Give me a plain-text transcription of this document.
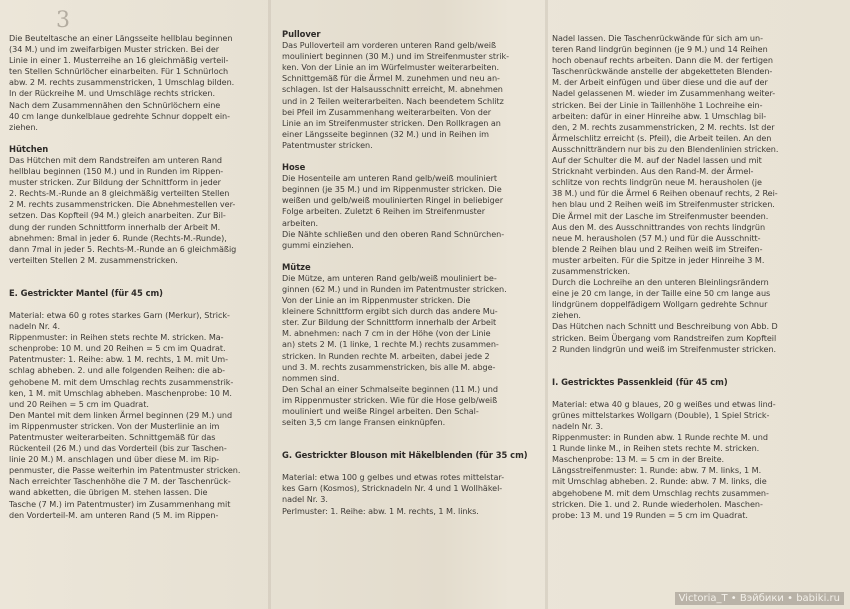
3

Die Beuteltasche an einer Längsseite hellblau beginnen

(34 M.) und im zweifarbigen Muster stricken. Bei der

Linie in einer 1. Musterreihe an 16 gleichmäßig verteil-

ten Stellen Schnürlöcher einarbeiten. Für 1 Schnürloch

abw. 2 M. rechts zusammenstricken, 1 Umschlag bilden.

In der Rückreihe M. und Umschläge rechts stricken.

Nach dem Zusammennähen den Schnürlöchern eine

40 cm lange dunkelblaue gedrehte Schnur doppelt ein-

ziehen.

Hütchen

Das Hütchen mit dem Randstreifen am unteren Rand

hellblau beginnen (150 M.) und in Runden im Rippen-

muster stricken. Zur Bildung der Schnittform in jeder

2. Rechts-M.-Runde an 8 gleichmäßig verteilten Stellen

2 M. rechts zusammenstricken. Die Abnehmestellen ver-

setzen. Das Kopfteil (94 M.) gleich anarbeiten. Zur Bil-

dung der runden Schnittform innerhalb der Arbeit M.

abnehmen: 8mal in jeder 6. Runde (Rechts-M.-Runde),

dann 7mal in jeder 5. Rechts-M.-Runde an 6 gleichmäßig

verteilten Stellen 2 M. zusammenstricken.

E. Gestrickter Mantel (für 45 cm)

Material: etwa 60 g rotes starkes Garn (Merkur), Strick-

nadeln Nr. 4.

Rippenmuster: in Reihen stets rechte M. stricken. Ma-

schenprobe: 10 M. und 20 Reihen = 5 cm im Quadrat.

Patentmuster: 1. Reihe: abw. 1 M. rechts, 1 M. mit Um-

schlag abheben. 2. und alle folgenden Reihen: die ab-

gehobene M. mit dem Umschlag rechts zusammenstrik-

ken, 1 M. mit Umschlag abheben. Maschenprobe: 10 M.

und 20 Reihen = 5 cm im Quadrat.

Den Mantel mit dem linken Ärmel beginnen (29 M.) und

im Rippenmuster stricken. Von der Musterlinie an im

Patentmuster weiterarbeiten. Schnittgemäß für das

Rückenteil (26 M.) und das Vorderteil (bis zur Taschen-

linie 20 M.) M. anschlagen und über diese M. im Rip-

penmuster, die Passe weiterhin im Patentmuster stricken.

Nach erreichter Taschenhöhe die 7 M. der Taschenrück-

wand abketten, die übrigen M. stehen lassen. Die

Tasche (7 M.) im Patentmuster) im Zusammenhang mit

den Vorderteil-M. am unteren Rand (5 M. im Rippen-

Pullover

Das Pulloverteil am vorderen unteren Rand gelb/weiß

mouliniert beginnen (30 M.) und im Streifenmuster strik-

ken. Von der Linie an im Würfelmuster weiterarbeiten.

Schnittgemäß für die Ärmel M. zunehmen und neu an-

schlagen. Ist der Halsausschnitt erreicht, M. abnehmen

und in 2 Teilen weiterarbeiten. Nach beendetem Schlitz

bei Pfeil im Zusammenhang weiterarbeiten. Von der

Linie an im Streifenmuster stricken. Den Rollkragen an

einer Längsseite beginnen (32 M.) und in Reihen im

Patentmuster stricken.

Hose

Die Hosenteile am unteren Rand gelb/weiß mouliniert

beginnen (je 35 M.) und im Rippenmuster stricken. Die

weißen und gelb/weiß moulinierten Ringel in beliebiger

Folge arbeiten. Zuletzt 6 Reihen im Streifenmuster

arbeiten.

Die Nähte schließen und den oberen Rand Schnürchen-

gummi einziehen.

Mütze

Die Mütze, am unteren Rand gelb/weiß mouliniert be-

ginnen (62 M.) und in Runden im Patentmuster stricken.

Von der Linie an im Rippenmuster stricken. Die

kleinere Schnittform ergibt sich durch das andere Mu-

ster. Zur Bildung der Schnittform innerhalb der Arbeit

M. abnehmen: nach 7 cm in der Höhe (von der Linie

an) stets 2 M. (1 linke, 1 rechte M.) rechts zusammen-

stricken. In Runden rechte M. arbeiten, dabei jede 2

und 3. M. rechts zusammenstricken, bis alle M. abge-

nommen sind.

Den Schal an einer Schmalseite beginnen (11 M.) und

im Rippenmuster stricken. Wie für die Hose gelb/weiß

mouliniert und weiße Ringel arbeiten. Den Schal-

seiten 3,5 cm lange Fransen einknüpfen.

G. Gestrickter Blouson mit Häkelblenden (für 35 cm)

Material: etwa 100 g gelbes und etwas rotes mittelstar-

kes Garn (Kosmos), Stricknadeln Nr. 4 und 1 Wollhäkel-

nadel Nr. 3.

Perlmuster: 1. Reihe: abw. 1 M. rechts, 1 M. links.

Nadel lassen. Die Taschenrückwände für sich am un-

teren Rand lindgrün beginnen (je 9 M.) und 14 Reihen

hoch obenauf rechts arbeiten. Dann die M. der fertigen

Taschenrückwände anstelle der abgeketteten Blenden-

M. der Arbeit einfügen und über diese und die auf der

Nadel gelassenen M. wieder im Zusammenhang weiter-

stricken. Bei der Linie in Taillenhöhe 1 Lochreihe ein-

arbeiten: dafür in einer Hinreihe abw. 1 Umschlag bil-

den, 2 M. rechts zusammenstricken, 2 M. rechts. Ist der

Ärmelschlitz erreicht (s. Pfeil), die Arbeit teilen. An den

Ausschnitträndern nur bis zu den Blendenlinien stricken.

Auf der Schulter die M. auf der Nadel lassen und mit

Stricknaht verbinden. Aus den Rand-M. der Ärmel-

schlitze von rechts lindgrün neue M. herausholen (je

38 M.) und für die Ärmel 6 Reihen obenauf rechts, 2 Rei-

hen blau und 2 Reihen weiß im Streifenmuster stricken.

Die Ärmel mit der Lasche im Streifenmuster beenden.

Aus den M. des Ausschnittrandes von rechts lindgrün

neue M. herausholen (57 M.) und für die Ausschnitt-

blende 2 Reihen blau und 2 Reihen weiß im Streifen-

muster arbeiten. Für die Spitze in jeder Hinreihe 3 M.

zusammenstricken.

Durch die Lochreihe an den unteren Bleinlingsrändern

eine je 20 cm lange, in der Taille eine 50 cm lange aus

lindgrünem doppelfädigem Wollgarn gedrehte Schnur

ziehen.

Das Hütchen nach Schnitt und Beschreibung von Abb. D

stricken. Beim Übergang vom Randstreifen zum Kopfteil

2 Runden lindgrün und weiß im Streifenmuster stricken.

I. Gestricktes Passenkleid (für 45 cm)

Material: etwa 40 g blaues, 20 g weißes und etwas lind-

grünes mittelstarkes Wollgarn (Double), 1 Spiel Strick-

nadeln Nr. 3.

Rippenmuster: in Runden abw. 1 Runde rechte M. und

1 Runde linke M., in Reihen stets rechte M. stricken.

Maschenprobe: 13 M. = 5 cm in der Breite.

Längsstreifenmuster: 1. Runde: abw. 7 M. links, 1 M.

mit Umschlag abheben. 2. Runde: abw. 7 M. links, die

abgehobene M. mit dem Umschlag rechts zusammen-

stricken. Die 1. und 2. Runde wiederholen. Maschen-

probe: 13 M. und 19 Runden = 5 cm im Quadrat.

Victoria_T • Вэйбики • babiki.ru
